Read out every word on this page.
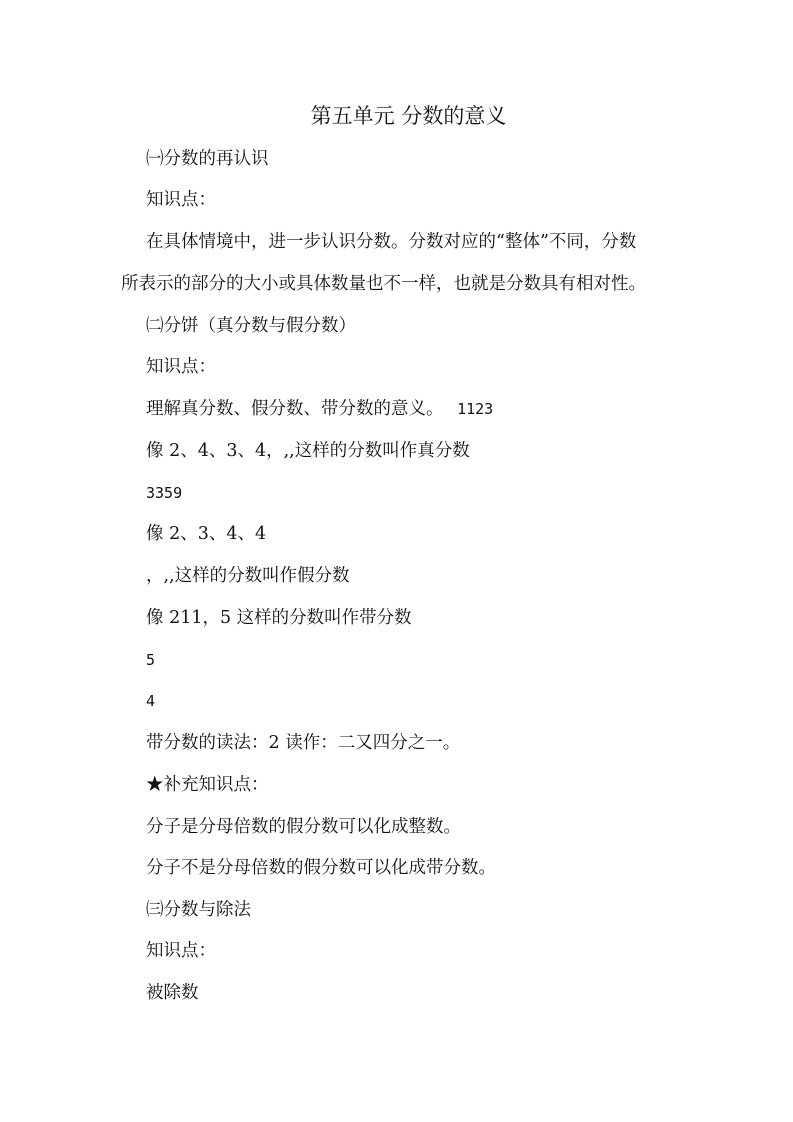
第五单元 分数的意义
㈠分数的再认识
知识点：
在具体情境中，进一步认识分数。分数对应的“整体”不同，分数
所表示的部分的大小或具体数量也不一样，也就是分数具有相对性。
㈡分饼（真分数与假分数）
知识点：
理解真分数、假分数、带分数的意义。 1123
像 2、4、3、4，,,这样的分数叫作真分数
3359
像 2、3、4、4
，,,这样的分数叫作假分数
像 211，5 这样的分数叫作带分数
5
4
带分数的读法：2 读作：二又四分之一。
★补充知识点：
分子是分母倍数的假分数可以化成整数。
分子不是分母倍数的假分数可以化成带分数。
㈢分数与除法
知识点：
被除数
